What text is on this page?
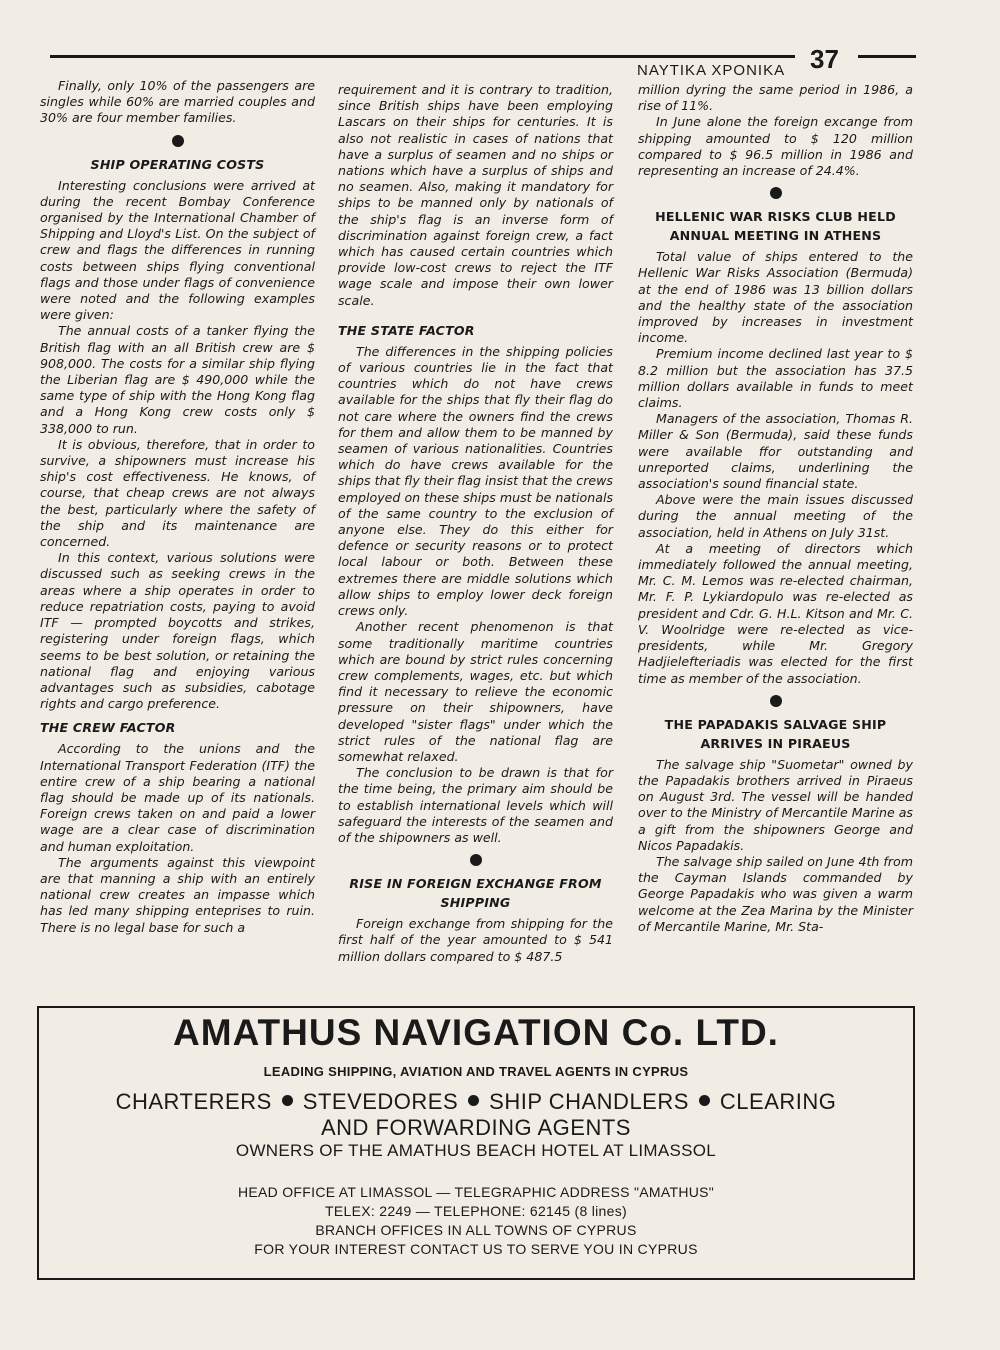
NAYTIKA XPONIKA 37

Finally, only 10% of the passengers are singles while 60% are married couples and 30% are four member families.

SHIP OPERATING COSTS

Interesting conclusions were arrived at during the recent Bombay Conference organised by the International Chamber of Shipping and Lloyd's List. On the subject of crew and flags the differences in running costs between ships flying conventional flags and those under flags of convenience were noted and the following examples were given:

The annual costs of a tanker flying the British flag with an all British crew are $ 908,000. The costs for a similar ship flying the Liberian flag are $ 490,000 while the same type of ship with the Hong Kong flag and a Hong Kong crew costs only $ 338,000 to run.

It is obvious, therefore, that in order to survive, a shipowners must increase his ship's cost effectiveness. He knows, of course, that cheap crews are not always the best, particularly where the safety of the ship and its maintenance are concerned.

In this context, various solutions were discussed such as seeking crews in the areas where a ship operates in order to reduce repatriation costs, paying to avoid ITF — prompted boycotts and strikes, registering under foreign flags, which seems to be best solution, or retaining the national flag and enjoying various advantages such as subsidies, cabotage rights and cargo preference.

THE CREW FACTOR

According to the unions and the International Transport Federation (ITF) the entire crew of a ship bearing a national flag should be made up of its nationals. Foreign crews taken on and paid a lower wage are a clear case of discrimination and human exploitation.

The arguments against this viewpoint are that manning a ship with an entirely national crew creates an impasse which has led many shipping enteprises to ruin. There is no legal base for such a

requirement and it is contrary to tradition, since British ships have been employing Lascars on their ships for centuries. It is also not realistic in cases of nations that have a surplus of seamen and no ships or nations which have a surplus of ships and no seamen. Also, making it mandatory for ships to be manned only by nationals of the ship's flag is an inverse form of discrimination against foreign crew, a fact which has caused certain countries which provide low-cost crews to reject the ITF wage scale and impose their own lower scale.

THE STATE FACTOR

The differences in the shipping policies of various countries lie in the fact that countries which do not have crews available for the ships that fly their flag do not care where the owners find the crews for them and allow them to be manned by seamen of various nationalities. Countries which do have crews available for the ships that fly their flag insist that the crews employed on these ships must be nationals of the same country to the exclusion of anyone else. They do this either for defence or security reasons or to protect local labour or both. Between these extremes there are middle solutions which allow ships to employ lower deck foreign crews only.

Another recent phenomenon is that some traditionally maritime countries which are bound by strict rules concerning crew complements, wages, etc. but which find it necessary to relieve the economic pressure on their shipowners, have developed "sister flags" under which the strict rules of the national flag are somewhat relaxed.

The conclusion to be drawn is that for the time being, the primary aim should be to establish international levels which will safeguard the interests of the seamen and of the shipowners as well.

RISE IN FOREIGN EXCHANGE FROM SHIPPING

Foreign exchange from shipping for the first half of the year amounted to $ 541 million dollars compared to $ 487.5

million dyring the same period in 1986, a rise of 11%.

In June alone the foreign excange from shipping amounted to $ 120 million compared to $ 96.5 million in 1986 and representing an increase of 24.4%.

HELLENIC WAR RISKS CLUB HELD ANNUAL MEETING IN ATHENS

Total value of ships entered to the Hellenic War Risks Association (Bermuda) at the end of 1986 was 13 billion dollars and the healthy state of the association improved by increases in investment income.

Premium income declined last year to $ 8.2 million but the association has 37.5 million dollars available in funds to meet claims.

Managers of the association, Thomas R. Miller & Son (Bermuda), said these funds were available ffor outstanding and unreported claims, underlining the association's sound financial state.

Above were the main issues discussed during the annual meeting of the association, held in Athens on July 31st.

At a meeting of directors which immediately followed the annual meeting, Mr. C. M. Lemos was re-elected chairman, Mr. F. P. Lykiardopulo was re-elected as president and Cdr. G. H.L. Kitson and Mr. C. V. Woolridge were re-elected as vice-presidents, while Mr. Gregory Hadjielefteriadis was elected for the first time as member of the association.

THE PAPADAKIS SALVAGE SHIP ARRIVES IN PIRAEUS

The salvage ship "Suometar" owned by the Papadakis brothers arrived in Piraeus on August 3rd. The vessel will be handed over to the Ministry of Mercantile Marine as a gift from the shipowners George and Nicos Papadakis.

The salvage ship sailed on June 4th from the Cayman Islands commanded by George Papadakis who was given a warm welcome at the Zea Marina by the Minister of Mercantile Marine, Mr. Sta-

AMATHUS NAVIGATION Co. LTD.
LEADING SHIPPING, AVIATION AND TRAVEL AGENTS IN CYPRUS
CHARTERERS STEVEDORES SHIP CHANDLERS CLEARING
AND FORWARDING AGENTS
OWNERS OF THE AMATHUS BEACH HOTEL AT LIMASSOL
HEAD OFFICE AT LIMASSOL — TELEGRAPHIC ADDRESS "AMATHUS"
TELEX: 2249 — TELEPHONE: 62145 (8 lines)
BRANCH OFFICES IN ALL TOWNS OF CYPRUS
FOR YOUR INTEREST CONTACT US TO SERVE YOU IN CYPRUS
